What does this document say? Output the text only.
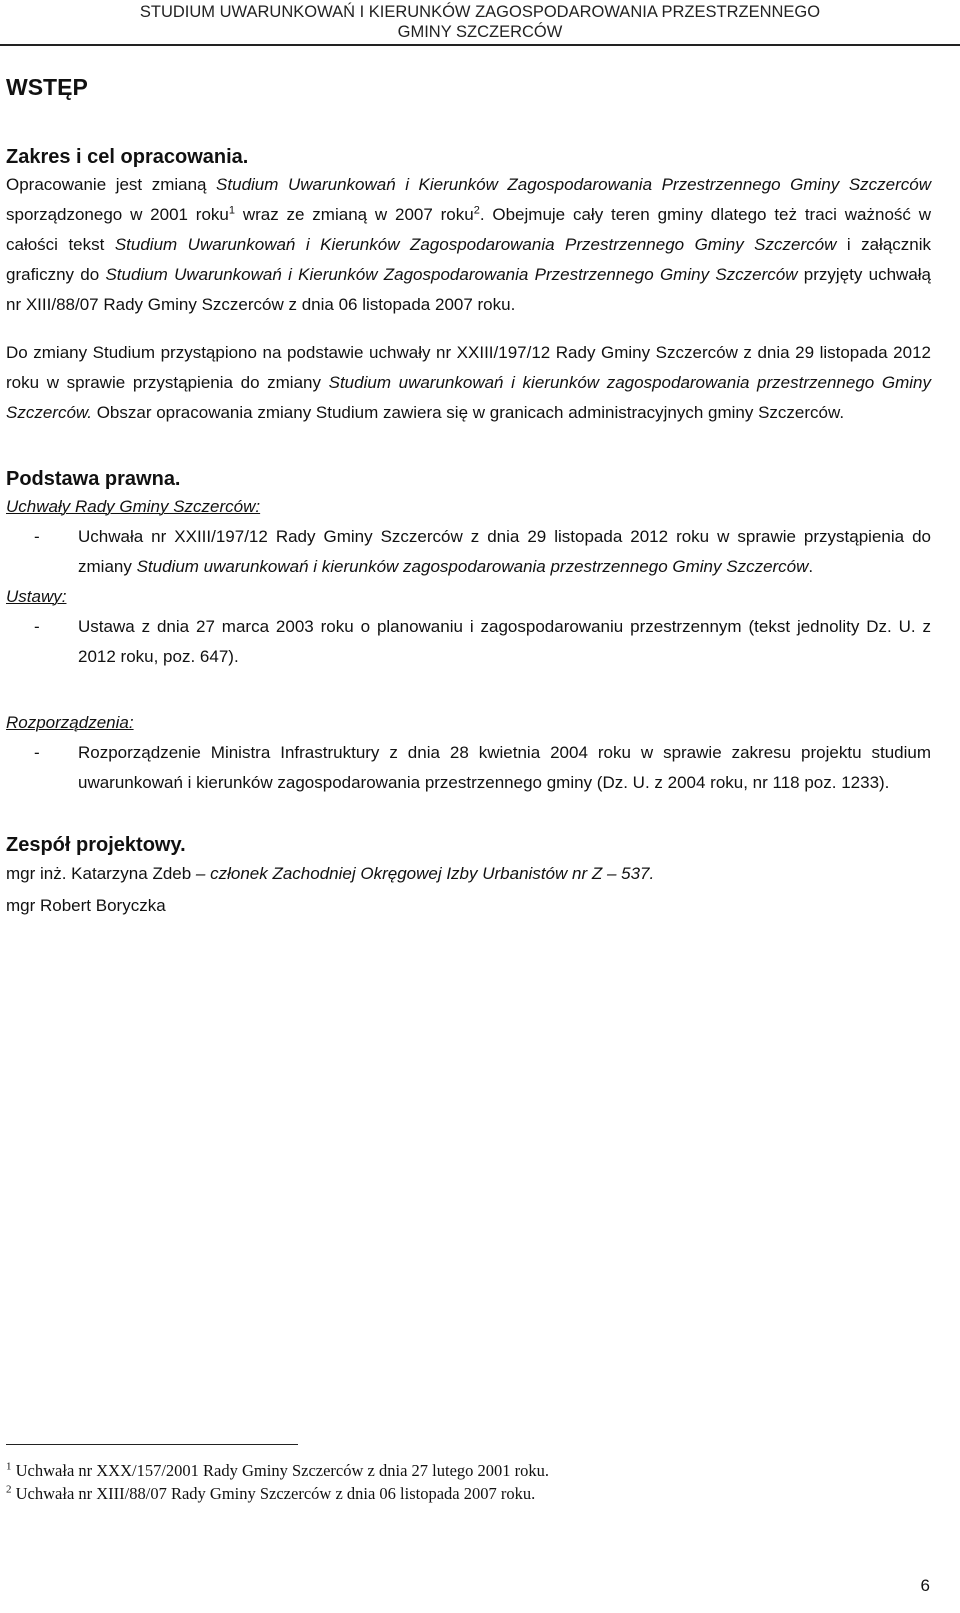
STUDIUM UWARUNKOWAŃ I KIERUNKÓW ZAGOSPODAROWANIA PRZESTRZENNEGO
GMINY SZCZERCÓW
WSTĘP
Zakres i cel opracowania.

Opracowanie jest zmianą Studium Uwarunkowań i Kierunków Zagospodarowania Przestrzennego Gminy Szczerców sporządzonego w 2001 roku$^1$ wraz ze zmianą w 2007 roku$^2$. Obejmuje cały teren gminy dlatego też traci ważność w całości tekst Studium Uwarunkowań i Kierunków Zagospodarowania Przestrzennego Gminy Szczerców i załącznik graficzny do Studium Uwarunkowań i Kierunków Zagospodarowania Przestrzennego Gminy Szczerców przyjęty uchwałą nr XIII/88/07 Rady Gminy Szczerców z dnia 06 listopada 2007 roku.

Do zmiany Studium przystąpiono na podstawie uchwały nr XXIII/197/12 Rady Gminy Szczerców z dnia 29 listopada 2012 roku w sprawie przystąpienia do zmiany Studium uwarunkowań i kierunków zagospodarowania przestrzennego Gminy Szczerców. Obszar opracowania zmiany Studium zawiera się w granicach administracyjnych gminy Szczerców.

Podstawa prawna.
Uchwały Rady Gminy Szczerców:
-	Uchwała nr XXIII/197/12 Rady Gminy Szczerców z dnia 29 listopada 2012 roku w sprawie przystąpienia do zmiany Studium uwarunkowań i kierunków zagospodarowania przestrzennego Gminy Szczerców.
Ustawy:
-	Ustawa z dnia 27 marca 2003 roku o planowaniu i zagospodarowaniu przestrzennym (tekst jednolity Dz. U. z 2012 roku, poz. 647).
Rozporządzenia:
-	Rozporządzenie Ministra Infrastruktury z dnia 28 kwietnia 2004 roku w sprawie zakresu projektu studium uwarunkowań i kierunków zagospodarowania przestrzennego gminy (Dz. U. z 2004 roku, nr 118 poz. 1233).
Zespół projektowy.
mgr inż. Katarzyna Zdeb – członek Zachodniej Okręgowej Izby Urbanistów nr Z – 537.
mgr Robert Boryczka
$^1$ Uchwała nr XXX/157/2001 Rady Gminy Szczerców z dnia 27 lutego 2001 roku.
$^2$ Uchwała nr XIII/88/07 Rady Gminy Szczerców z dnia 06 listopada 2007 roku.
6
